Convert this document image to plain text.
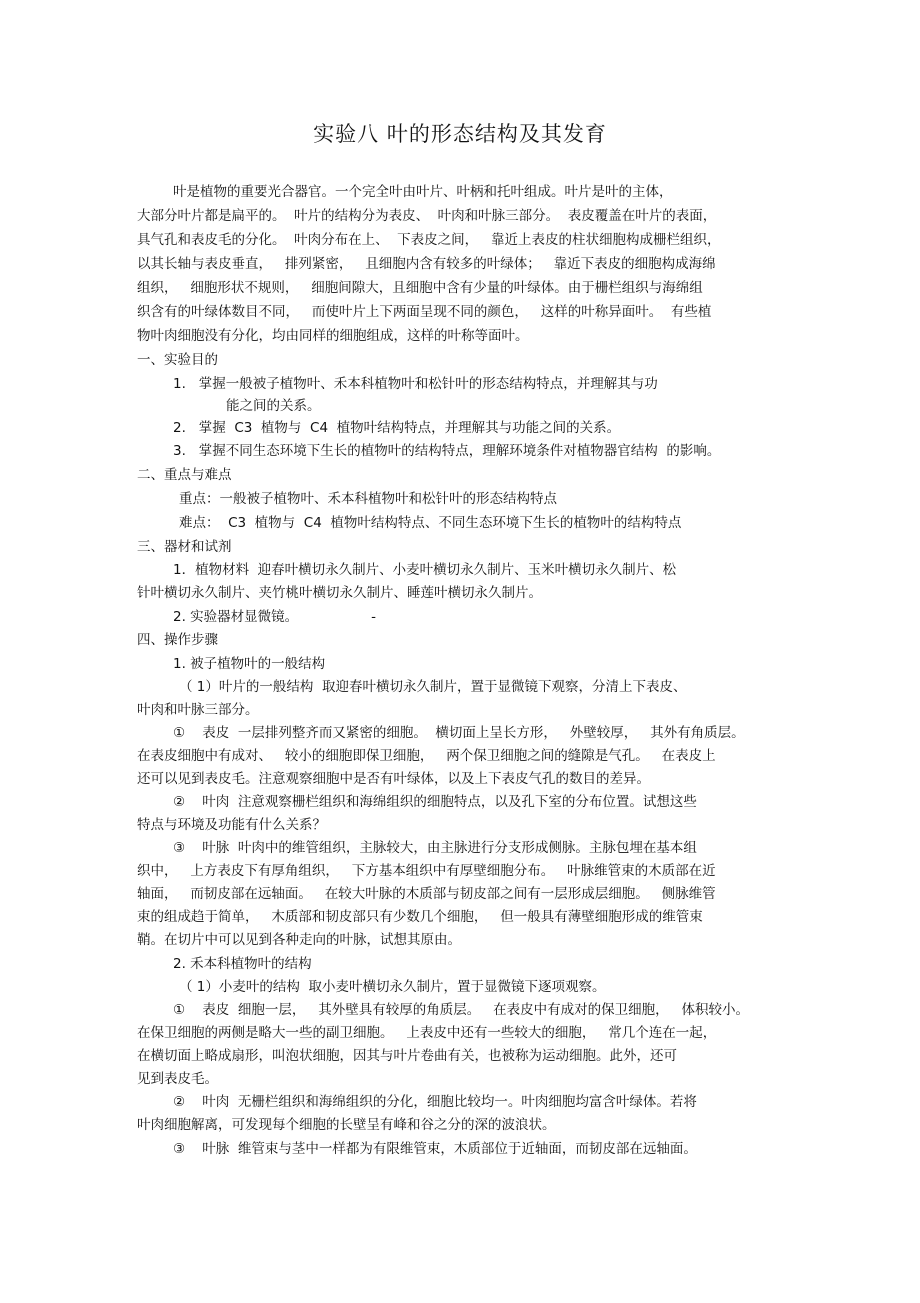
实验八 叶的形态结构及其发育
叶是植物的重要光合器官。一个完全叶由叶片、叶柄和托叶组成。叶片是叶的主体，
大部分叶片都是扁平的。  叶片的结构分为表皮、  叶肉和叶脉三部分。  表皮覆盖在叶片的表面，
具气孔和表皮毛的分化。  叶肉分布在上、  下表皮之间，   靠近上表皮的柱状细胞构成栅栏组织，
以其长轴与表皮垂直，   排列紧密，   且细胞内含有较多的叶绿体；   靠近下表皮的细胞构成海绵
组织，   细胞形状不规则，   细胞间隙大，且细胞中含有少量的叶绿体。由于栅栏组织与海绵组
织含有的叶绿体数目不同，   而使叶片上下两面呈现不同的颜色，   这样的叶称异面叶。  有些植
物叶肉细胞没有分化，均由同样的细胞组成，这样的叶称等面叶。
一、实验目的
1.   掌握一般被子植物叶、禾本科植物叶和松针叶的形态结构特点，并理解其与功
能之间的关系。
2.   掌握  C3  植物与  C4  植物叶结构特点，并理解其与功能之间的关系。
3.   掌握不同生态环境下生长的植物叶的结构特点，理解环境条件对植物器官结构  的影响。
二、重点与难点
重点：一般被子植物叶、禾本科植物叶和松针叶的形态结构特点
难点：  C3  植物与  C4  植物叶结构特点、不同生态环境下生长的植物叶的结构特点
三、器材和试剂
1．植物材料  迎春叶横切永久制片、小麦叶横切永久制片、玉米叶横切永久制片、松
针叶横切永久制片、夹竹桃叶横切永久制片、睡莲叶横切永久制片。
2. 实验器材显微镜。                 -
四、操作步骤
1. 被子植物叶的一般结构
（ 1）叶片的一般结构  取迎春叶横切永久制片，置于显微镜下观察，分清上下表皮、
叶肉和叶脉三部分。
①    表皮  一层排列整齐而又紧密的细胞。  横切面上呈长方形，   外壁较厚，   其外有角质层。
在表皮细胞中有成对、   较小的细胞即保卫细胞，   两个保卫细胞之间的缝隙是气孔。   在表皮上
还可以见到表皮毛。注意观察细胞中是否有叶绿体，以及上下表皮气孔的数目的差异。
②    叶肉  注意观察栅栏组织和海绵组织的细胞特点，以及孔下室的分布位置。试想这些
特点与环境及功能有什么关系？
③    叶脉  叶肉中的维管组织，主脉较大，由主脉进行分支形成侧脉。主脉包埋在基本组
织中，   上方表皮下有厚角组织，   下方基本组织中有厚壁细胞分布。   叶脉维管束的木质部在近
轴面，   而韧皮部在远轴面。   在较大叶脉的木质部与韧皮部之间有一层形成层细胞。   侧脉维管
束的组成趋于简单，   木质部和韧皮部只有少数几个细胞，   但一般具有薄壁细胞形成的维管束
鞘。在切片中可以见到各种走向的叶脉，试想其原由。
2. 禾本科植物叶的结构
（ 1）小麦叶的结构  取小麦叶横切永久制片，置于显微镜下逐项观察。
①    表皮  细胞一层，   其外壁具有较厚的角质层。   在表皮中有成对的保卫细胞，   体积较小。
在保卫细胞的两侧是略大一些的副卫细胞。   上表皮中还有一些较大的细胞，   常几个连在一起，
在横切面上略成扇形，叫泡状细胞，因其与叶片卷曲有关，也被称为运动细胞。此外，还可
见到表皮毛。
②    叶肉  无栅栏组织和海绵组织的分化，细胞比较均一。叶肉细胞均富含叶绿体。若将
叶肉细胞解离，可发现每个细胞的长壁呈有峰和谷之分的深的波浪状。
③    叶脉  维管束与茎中一样都为有限维管束，木质部位于近轴面，而韧皮部在远轴面。
